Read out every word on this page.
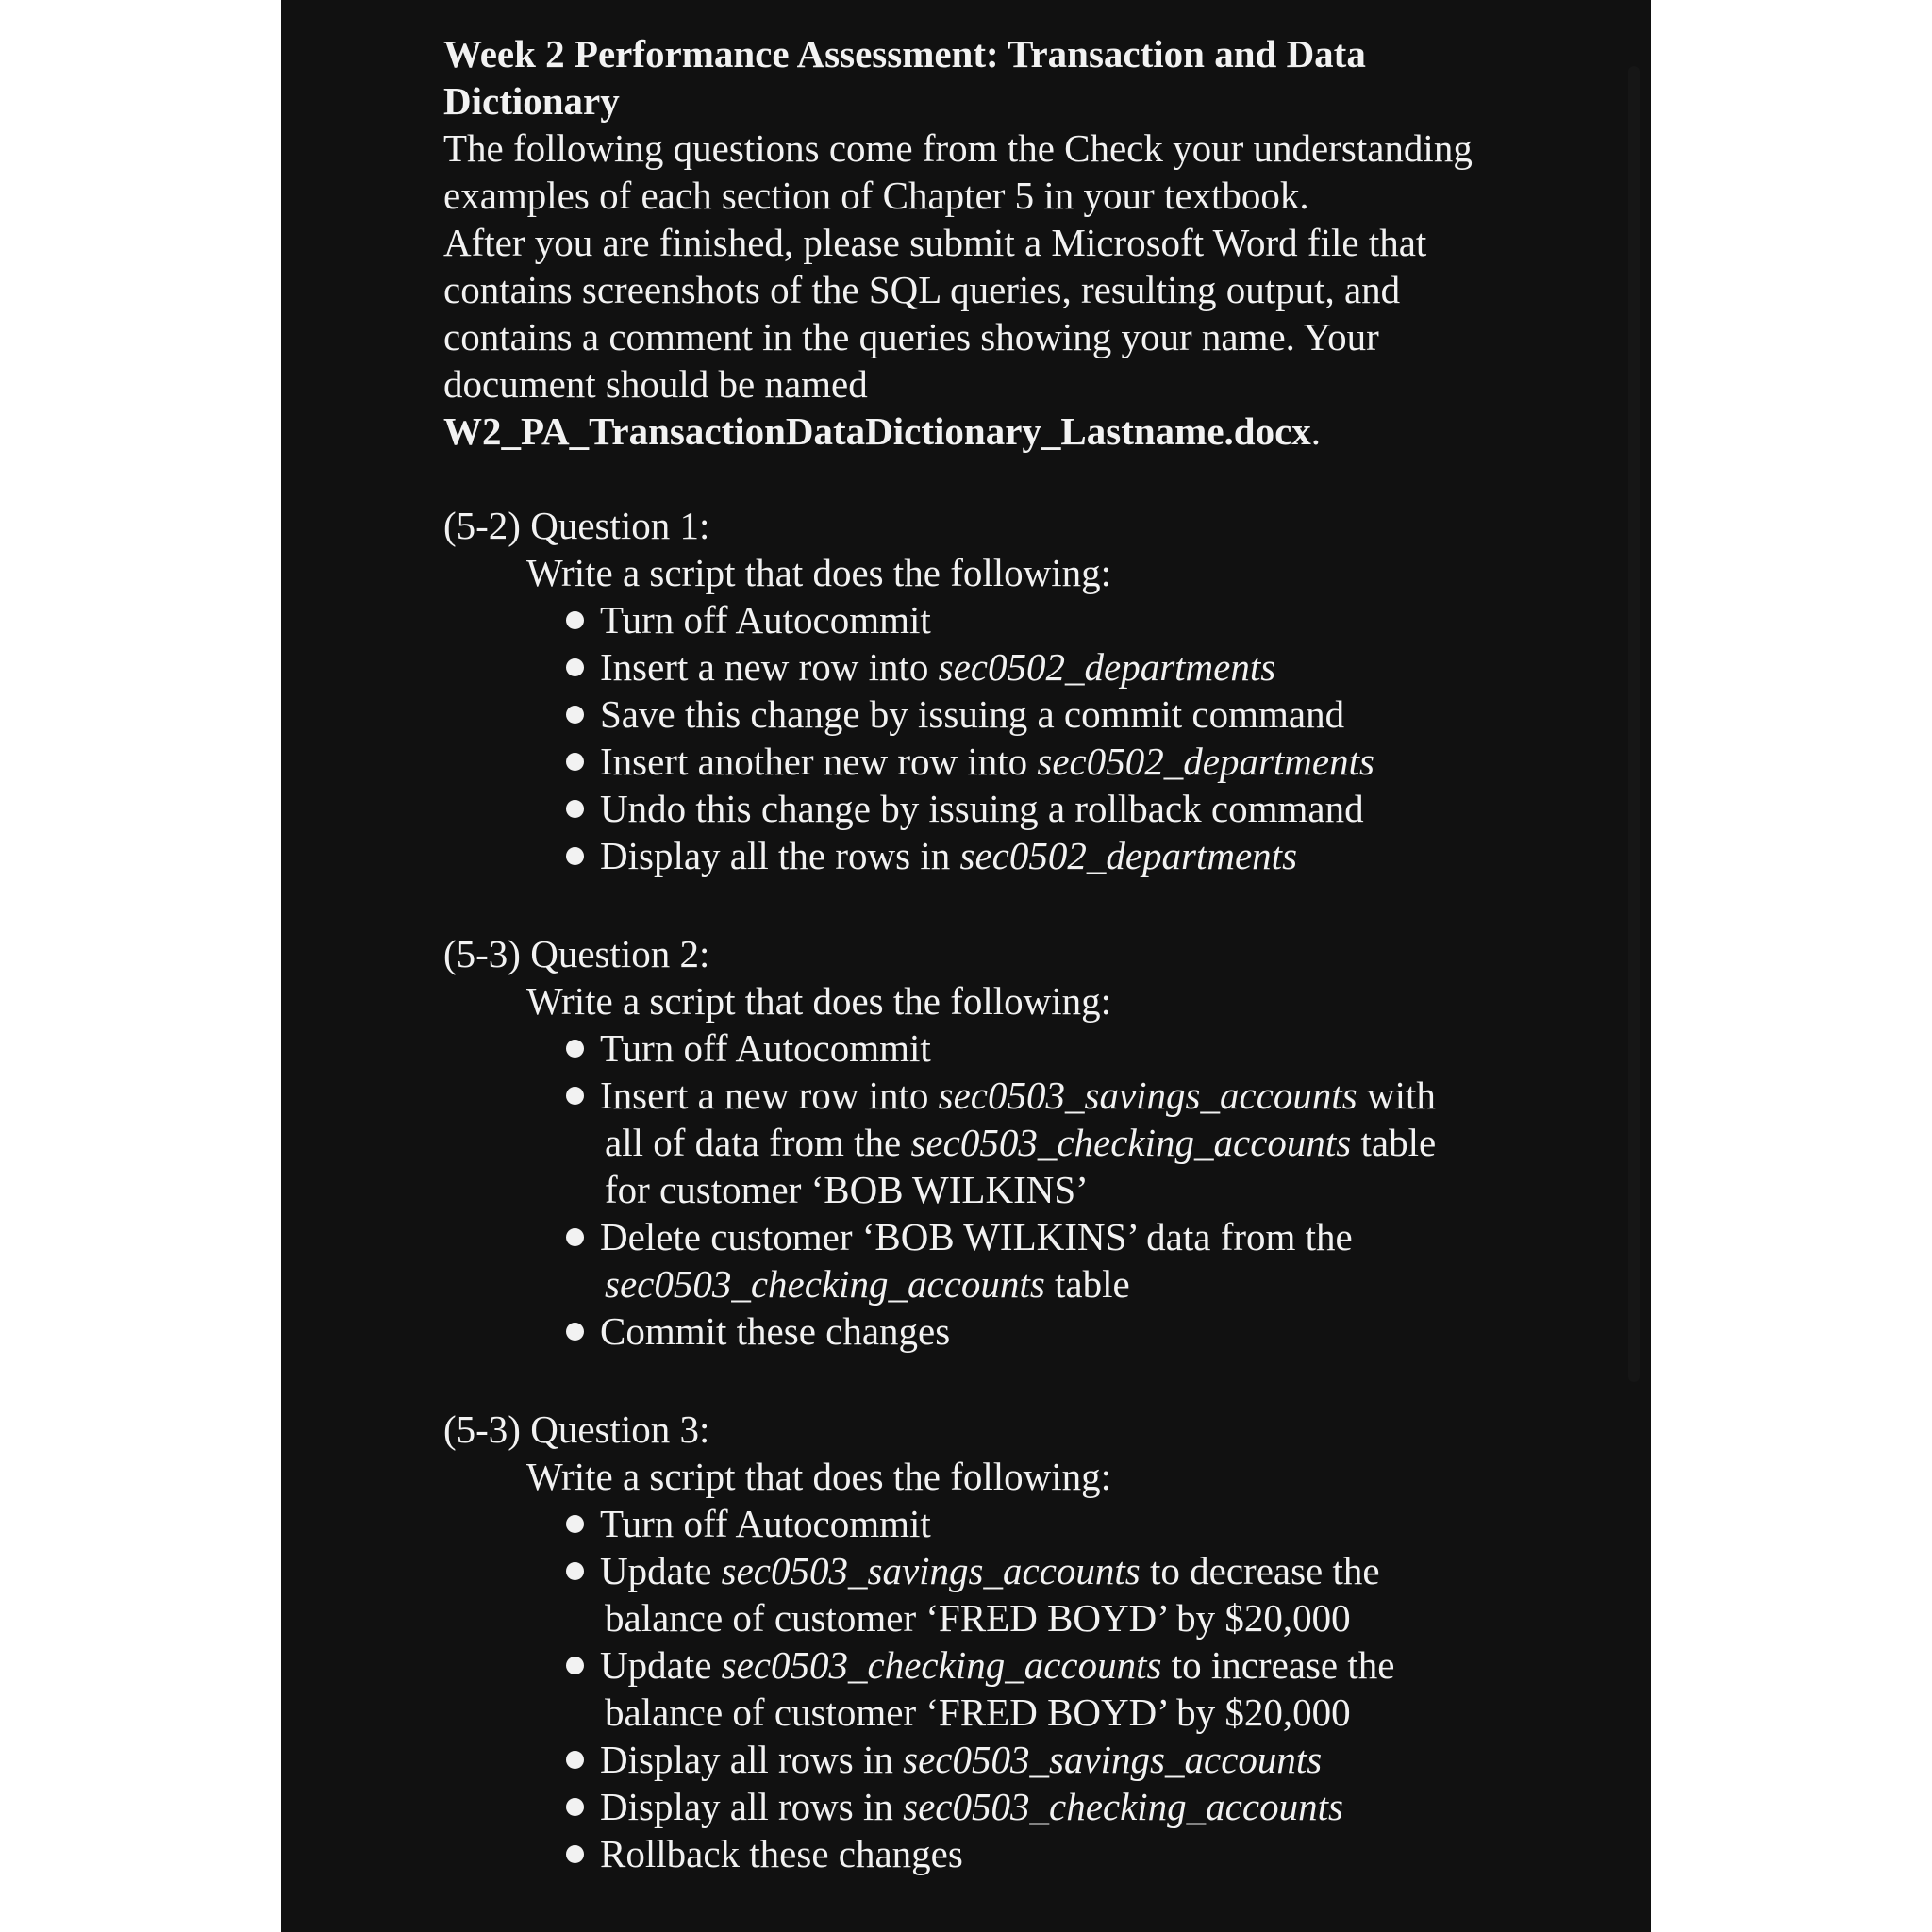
Week 2 Performance Assessment: Transaction and Data Dictionary

The following questions come from the Check your understanding examples of each section of Chapter 5 in your textbook.

After you are finished, please submit a Microsoft Word file that contains screenshots of the SQL queries, resulting output, and contains a comment in the queries showing your name. Your document should be named
W2_PA_TransactionDataDictionary_Lastname.docx.

(5-2) Question 1:

Write a script that does the following:

Turn off Autocommit
Insert a new row into sec0502_departments
Save this change by issuing a commit command
Insert another new row into sec0502_departments
Undo this change by issuing a rollback command
Display all the rows in sec0502_departments

(5-3) Question 2:

Write a script that does the following:

Turn off Autocommit
Insert a new row into sec0503_savings_accounts with
all of data from the sec0503_checking_accounts table
for customer ‘BOB WILKINS’
Delete customer ‘BOB WILKINS’ data from the
sec0503_checking_accounts table
Commit these changes

(5-3) Question 3:

Write a script that does the following:

Turn off Autocommit
Update sec0503_savings_accounts to decrease the
balance of customer ‘FRED BOYD’ by $20,000
Update sec0503_checking_accounts to increase the
balance of customer ‘FRED BOYD’ by $20,000
Display all rows in sec0503_savings_accounts
Display all rows in sec0503_checking_accounts
Rollback these changes
